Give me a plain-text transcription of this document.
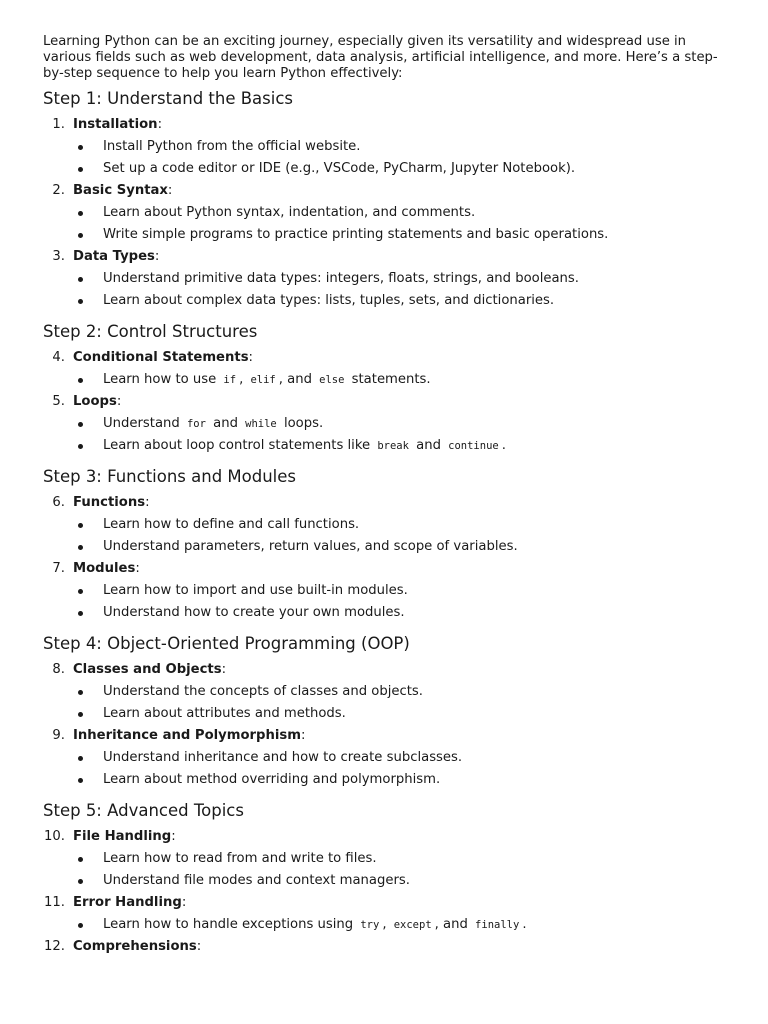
Learning Python can be an exciting journey, especially given its versatility and widespread use in various fields such as web development, data analysis, artificial intelligence, and more. Here’s a step-by-step sequence to help you learn Python effectively:

Step 1: Understand the Basics
1. Installation:
Install Python from the official website.
Set up a code editor or IDE (e.g., VSCode, PyCharm, Jupyter Notebook).
2. Basic Syntax:
Learn about Python syntax, indentation, and comments.
Write simple programs to practice printing statements and basic operations.
3. Data Types:
Understand primitive data types: integers, floats, strings, and booleans.
Learn about complex data types: lists, tuples, sets, and dictionaries.
Step 2: Control Structures
4. Conditional Statements:
Learn how to use if , elif , and else statements.
5. Loops:
Understand for and while loops.
Learn about loop control statements like break and continue .
Step 3: Functions and Modules
6. Functions:
Learn how to define and call functions.
Understand parameters, return values, and scope of variables.
7. Modules:
Learn how to import and use built-in modules.
Understand how to create your own modules.
Step 4: Object-Oriented Programming (OOP)
8. Classes and Objects:
Understand the concepts of classes and objects.
Learn about attributes and methods.
9. Inheritance and Polymorphism:
Understand inheritance and how to create subclasses.
Learn about method overriding and polymorphism.
Step 5: Advanced Topics
10. File Handling:
Learn how to read from and write to files.
Understand file modes and context managers.
11. Error Handling:
Learn how to handle exceptions using try , except , and finally .
12. Comprehensions:
